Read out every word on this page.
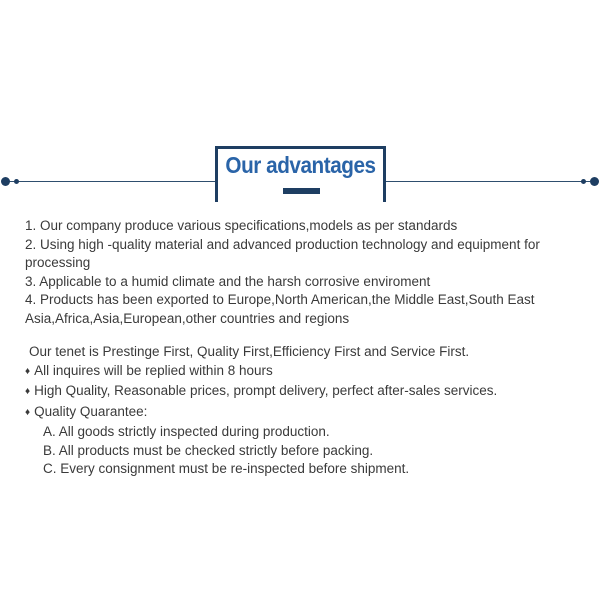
Our advantages

1. Our company produce various specifications,models as per standards

2. Using high -quality material and advanced production technology and equipment for processing

3. Applicable to a humid climate and the harsh corrosive enviroment

4. Products has been exported to Europe,North American,the Middle East,South East Asia,Africa,Asia,European,other countries and regions

Our tenet is Prestinge First, Quality First,Efficiency First and Service First.

♦ All inquires will be replied within 8 hours

♦ High Quality, Reasonable prices, prompt delivery, perfect after-sales services.

♦ Quality Quarantee:

A. All goods strictly inspected during production.

B. All products must be checked strictly before packing.

C. Every consignment must be re-inspected before shipment.
